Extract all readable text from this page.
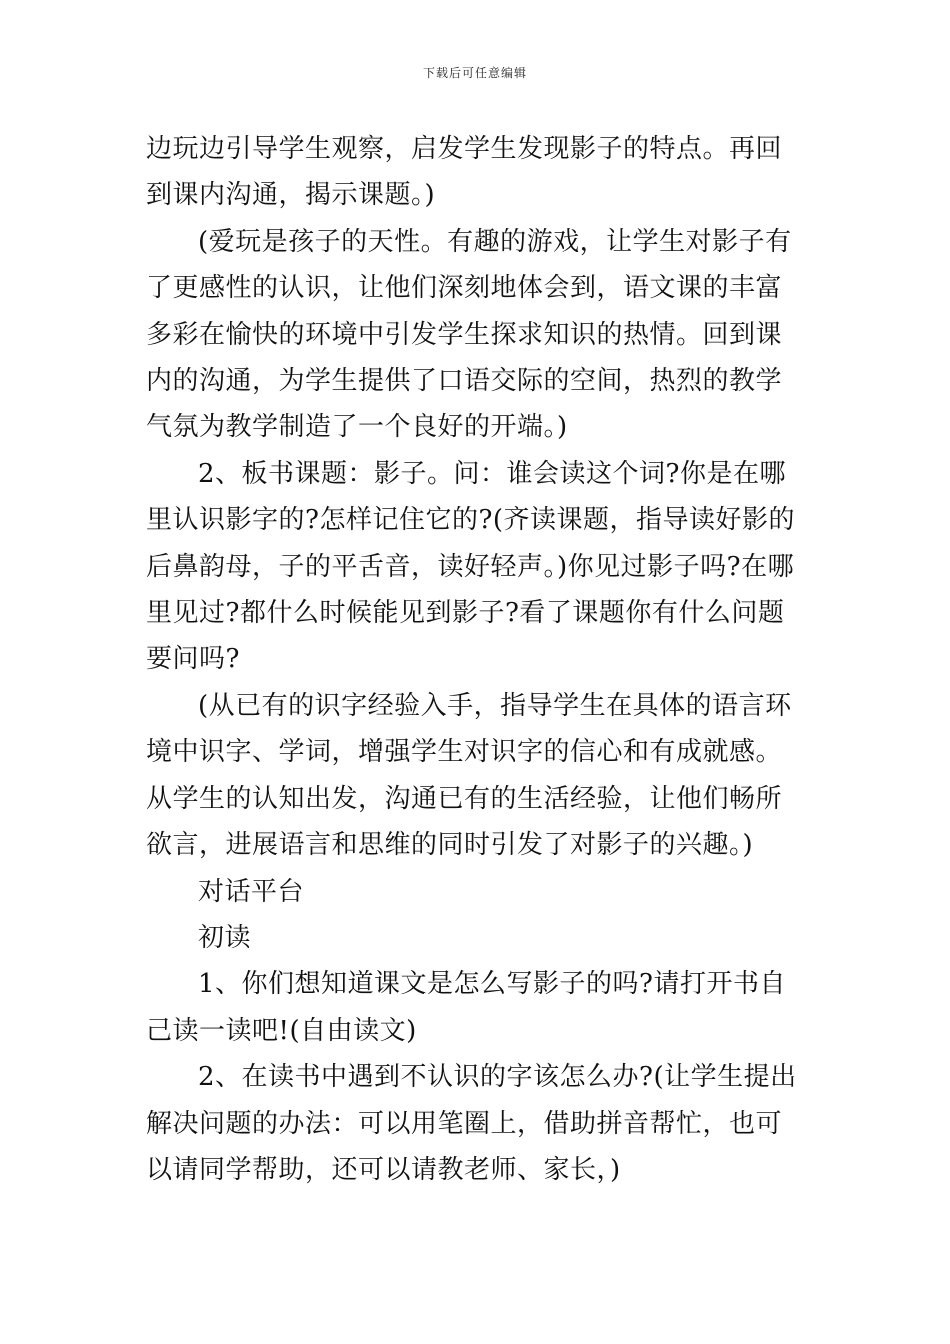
下载后可任意编辑

边玩边引导学生观察，启发学生发现影子的特点。再回到课内沟通，揭示课题。)

(爱玩是孩子的天性。有趣的游戏，让学生对影子有了更感性的认识，让他们深刻地体会到，语文课的丰富多彩在愉快的环境中引发学生探求知识的热情。回到课内的沟通，为学生提供了口语交际的空间，热烈的教学气氛为教学制造了一个良好的开端。)

2、板书课题：影子。问：谁会读这个词?你是在哪里认识影字的?怎样记住它的?(齐读课题，指导读好影的后鼻韵母，子的平舌音，读好轻声。)你见过影子吗?在哪里见过?都什么时候能见到影子?看了课题你有什么问题要问吗?

(从已有的识字经验入手，指导学生在具体的语言环境中识字、学词，增强学生对识字的信心和有成就感。从学生的认知出发，沟通已有的生活经验，让他们畅所欲言，进展语言和思维的同时引发了对影子的兴趣。)

对话平台

初读

1、你们想知道课文是怎么写影子的吗?请打开书自己读一读吧!(自由读文)

2、在读书中遇到不认识的字该怎么办?(让学生提出解决问题的办法：可以用笔圈上，借助拼音帮忙，也可以请同学帮助，还可以请教老师、家长，)
